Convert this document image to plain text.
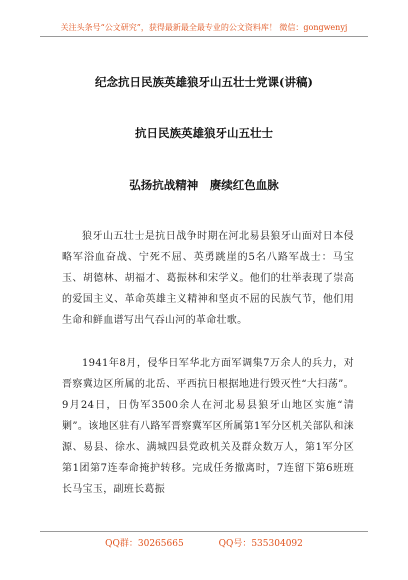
关注头条号“公文研究”，获得最新最全最专业的公文资料库！ 微信：gongwenyj
纪念抗日民族英雄狼牙山五壮士党课(讲稿)
抗日民族英雄狼牙山五壮士
弘扬抗战精神　赓续红色血脉

狼牙山五壮士是抗日战争时期在河北易县狼牙山面对日本侵略军浴血奋战、宁死不屈、英勇跳崖的5名八路军战士：马宝玉、胡德林、胡福才、葛振林和宋学义。他们的壮举表现了崇高的爱国主义、革命英雄主义精神和坚贞不屈的民族气节，他们用生命和鲜血谱写出气吞山河的革命壮歌。

1941年8月，侵华日军华北方面军调集7万余人的兵力，对晋察冀边区所属的北岳、平西抗日根据地进行毁灭性“大扫荡”。9月24日，日伪军3500余人在河北易县狼牙山地区实施“清剿”。该地区驻有八路军晋察冀军区所属第1军分区机关部队和涞源、易县、徐水、满城四县党政机关及群众数万人，第1军分区第1团第7连奉命掩护转移。完成任务撤离时，7连留下第6班班长马宝玉，副班长葛振

QQ群：30265665	QQ号：535304092
